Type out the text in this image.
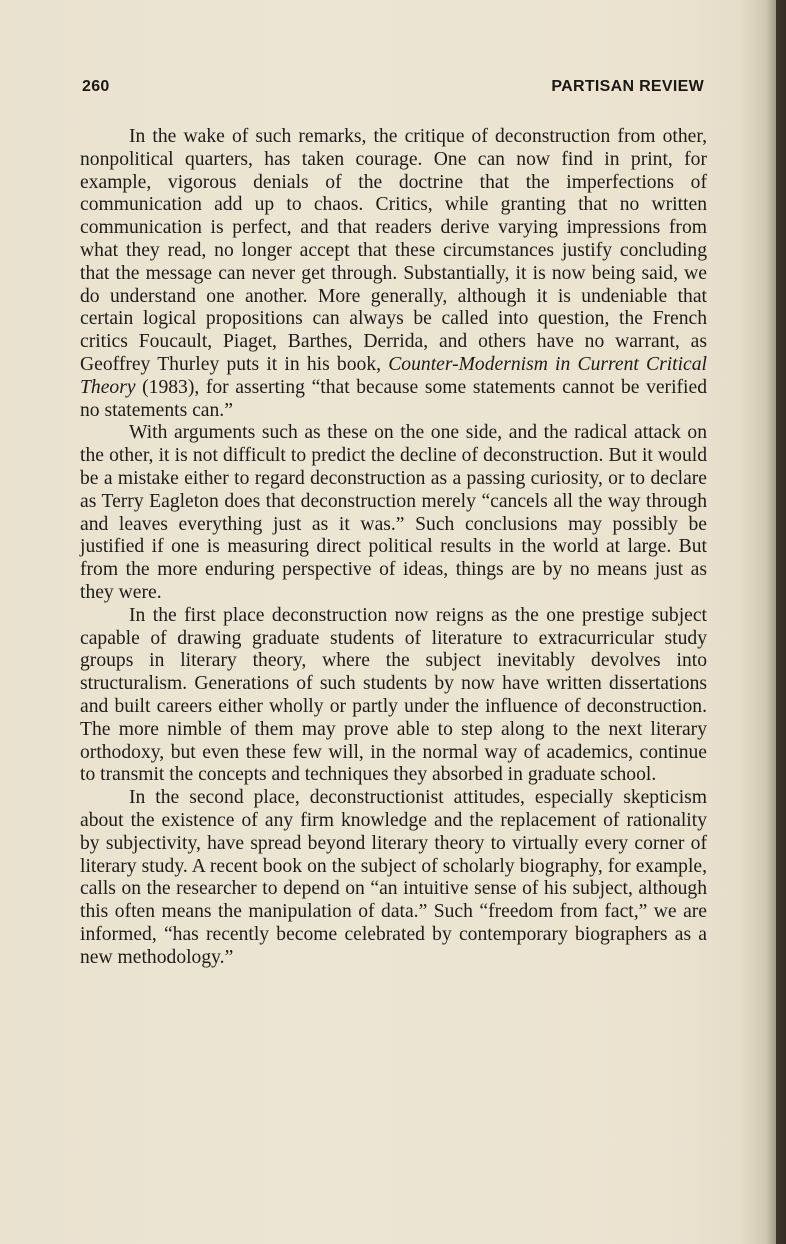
260	PARTISAN REVIEW

In the wake of such remarks, the critique of deconstruction from other, nonpolitical quarters, has taken courage. One can now find in print, for example, vigorous denials of the doctrine that the imperfections of communication add up to chaos. Critics, while granting that no written communication is perfect, and that readers derive varying impressions from what they read, no longer accept that these circumstances justify concluding that the message can never get through. Substantially, it is now being said, we do understand one another. More generally, although it is undeniable that certain logical propositions can always be called into question, the French critics Foucault, Piaget, Barthes, Derrida, and others have no warrant, as Geoffrey Thurley puts it in his book, Counter-Modernism in Current Critical Theory (1983), for asserting “that because some statements cannot be verified no statements can.”

With arguments such as these on the one side, and the radical attack on the other, it is not difficult to predict the decline of deconstruction. But it would be a mistake either to regard deconstruction as a passing curiosity, or to declare as Terry Eagleton does that deconstruction merely “cancels all the way through and leaves everything just as it was.” Such conclusions may possibly be justified if one is measuring direct political results in the world at large. But from the more enduring perspective of ideas, things are by no means just as they were.

In the first place deconstruction now reigns as the one prestige subject capable of drawing graduate students of literature to extracurricular study groups in literary theory, where the subject inevitably devolves into structuralism. Generations of such students by now have written dissertations and built careers either wholly or partly under the influence of deconstruction. The more nimble of them may prove able to step along to the next literary orthodoxy, but even these few will, in the normal way of academics, continue to transmit the concepts and techniques they absorbed in graduate school.

In the second place, deconstructionist attitudes, especially skepticism about the existence of any firm knowledge and the replacement of rationality by subjectivity, have spread beyond literary theory to virtually every corner of literary study. A recent book on the subject of scholarly biography, for example, calls on the researcher to depend on “an intuitive sense of his subject, although this often means the manipulation of data.” Such “freedom from fact,” we are informed, “has recently become celebrated by contemporary biographers as a new methodology.”
